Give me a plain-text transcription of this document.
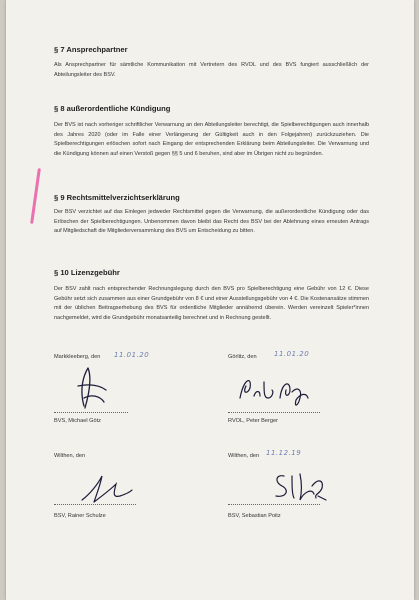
§ 7 Ansprechpartner

Als Ansprechpartner für sämtliche Kommunikation mit Vertretern des RVOL und des BVS fungiert ausschließlich der Abteilungsleiter des BSV.

§ 8 außerordentliche Kündigung

Der BVS ist nach vorheriger schriftlicher Verwarnung an den Abteilungsleiter berechtigt, die Spielberechtigungen auch innerhalb des Jahres 2020 (oder im Falle einer Verlängerung der Gültigkeit auch in den Folgejahren) zurückzuziehen. Die Spielberechtigungen erlöschen sofort nach Eingang der entsprechenden Erklärung beim Abteilungsleiter. Die Verwarnung und die Kündigung können auf einen Verstoß gegen §§ 5 und 6 beruhen, sind aber im Übrigen nicht zu begründen.

§ 9 Rechtsmittelverzichtserklärung

Der BSV verzichtet auf das Einlegen jedweder Rechtsmittel gegen die Verwarnung, die außerordentliche Kündigung oder das Erlöschen der Spielberechtigungen. Unbenommen davon bleibt das Recht des BSV bei der Ablehnung eines erneuten Antrags auf Mitgliedschaft die Mitgliederversammlung des BVS um Entscheidung zu bitten.

§ 10 Lizenzgebühr

Der BSV zahlt nach entsprechender Rechnungslegung durch den BVS pro Spielberechtigung eine Gebühr von 12 €. Diese Gebühr setzt sich zusammen aus einer Grundgebühr von 8 € und einer Ausstellungsgebühr von 4 €. Die Kostenansätze stimmen mit der üblichen Beitragserhebung des BVS für ordentliche Mitglieder annähernd überein. Werden vereinzelt Spieler*innen nachgemeldet, wird die Grundgebühr monatsanteilig berechnet und in Rechnung gestellt.

Markkleeberg, den 11.01.20
BVS, Michael Götz
Görlitz, den 11.01.20
RVOL, Peter Berger
Wilthen, den
BSV, Rainer Schulze
Wilthen, den 11.12.19
BSV, Sebastian Poitz
